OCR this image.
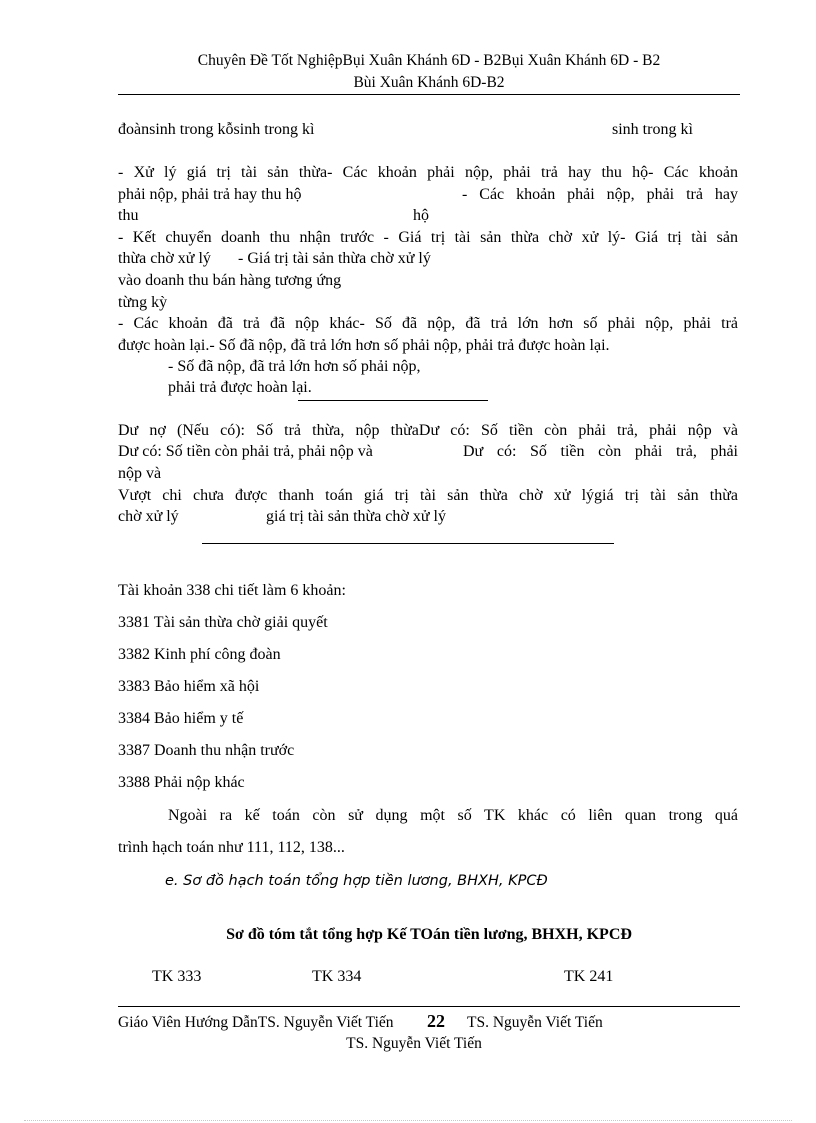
Chuyên Đề Tốt NghiệpBụi Xuân Khánh 6D - B2Bụi Xuân Khánh 6D - B2
Bùi Xuân Khánh 6D-B2
đoànsinh trong kỗsinh trong kì	sinh trong kì
- Xử lý giá trị tài sản thừa- Các khoản phải nộp, phải trả hay thu hộ- Các khoản
phải nộp, phải trả hay thu hộ	- Các khoản phải nộp, phải trả hay
thu	hộ
- Kết chuyển doanh thu nhận trước - Giá trị tài sản thừa chờ xử lý- Giá trị tài sản
thừa chờ xử lý - Giá trị tài sản thừa chờ xử lý
vào doanh thu bán hàng tương ứng
từng kỳ
- Các khoản đã trả đã nộp khác- Số đã nộp, đã trả lớn hơn số phải nộp, phải trả
được hoàn lại.- Số đã nộp, đã trả lớn hơn số phải nộp, phải trả được hoàn lại.
- Số đã nộp, đã trả lớn hơn số phải nộp,
phải trả được hoàn lại.
Dư nợ (Nếu có): Số trả thừa, nộp thừaDư có: Số tiền còn phải trả, phải nộp và
Dư có: Số tiền còn phải trả, phải nộp và	Dư có: Số tiền còn phải trả, phải
nộp và
Vượt chi chưa được thanh toán giá trị tài sản thừa chờ xử lýgiá trị tài sản thừa
chờ xử lý	giá trị tài sản thừa chờ xử lý
Tài khoản 338 chi tiết làm 6 khoản:
3381 Tài sản thừa chờ giải quyết
3382 Kinh phí công đoàn
3383 Bảo hiểm xã hội
3384 Bảo hiểm y tế
3387 Doanh thu nhận trước
3388 Phải nộp khác
Ngoài ra kế toán còn sử dụng một số TK khác có liên quan trong quá
trình hạch toán như 111, 112, 138...
e. Sơ đồ hạch toán tổng hợp tiền lương, BHXH, KPCĐ
Sơ đồ tóm tắt tổng hợp Kế TOán tiền lương, BHXH, KPCĐ
TK 333	TK 334	TK 241
Giáo Viên Hướng DẫnTS. Nguyễn Viết Tiến	TS. Nguyễn Viết Tiến
22
TS. Nguyễn Viết Tiến
